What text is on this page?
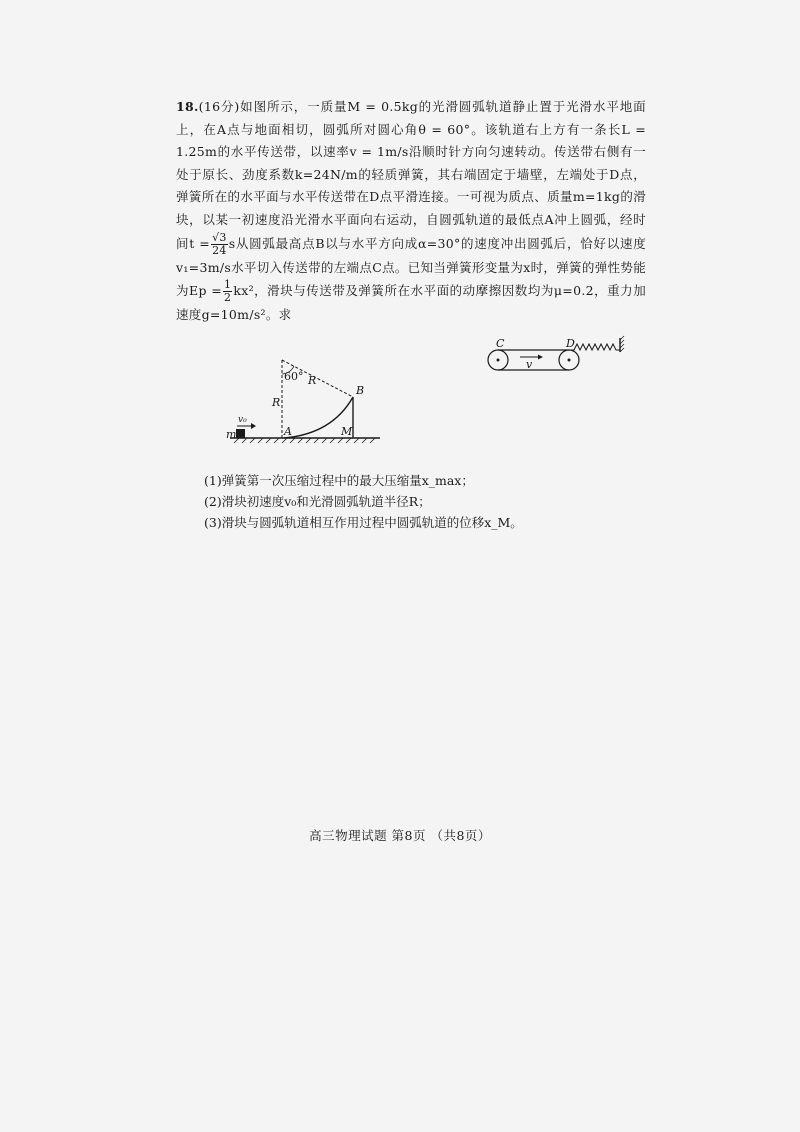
18.(16分)如图所示，一质量M = 0.5kg的光滑圆弧轨道静止置于光滑水平地面上，在A点与地面相切，圆弧所对圆心角θ = 60°。该轨道右上方有一条长L = 1.25m的水平传送带，以速率v = 1m/s沿顺时针方向匀速转动。传送带右侧有一处于原长、劲度系数k=24N/m的轻质弹簧，其右端固定于墙壁，左端处于D点，弹簧所在的水平面与水平传送带在D点平滑连接。一可视为质点、质量m=1kg的滑块，以某一初速度沿光滑水平面向右运动，自圆弧轨道的最低点A冲上圆弧，经时间$t = \frac{√3}{24}$ s从圆弧最高点B以与水平方向成α=30°的速度冲出圆弧后，恰好以速度v₁=3m/s水平切入传送带的左端点C点。已知当弹簧形变量为x时，弹簧的弹性势能为$Ep = \frac{1}{2} kx^2$，滑块与传送带及弹簧所在水平面的动摩擦因数均为μ=0.2，重力加速度g=10m/s²。求

m
v₀
R
R
60°
B
A	M
v
C	D
(1)弹簧第一次压缩过程中的最大压缩量x_max；
(2)滑块初速度v₀和光滑圆弧轨道半径R；
(3)滑块与圆弧轨道相互作用过程中圆弧轨道的位移x_M。
高三物理试题 第8页 （共8页）
